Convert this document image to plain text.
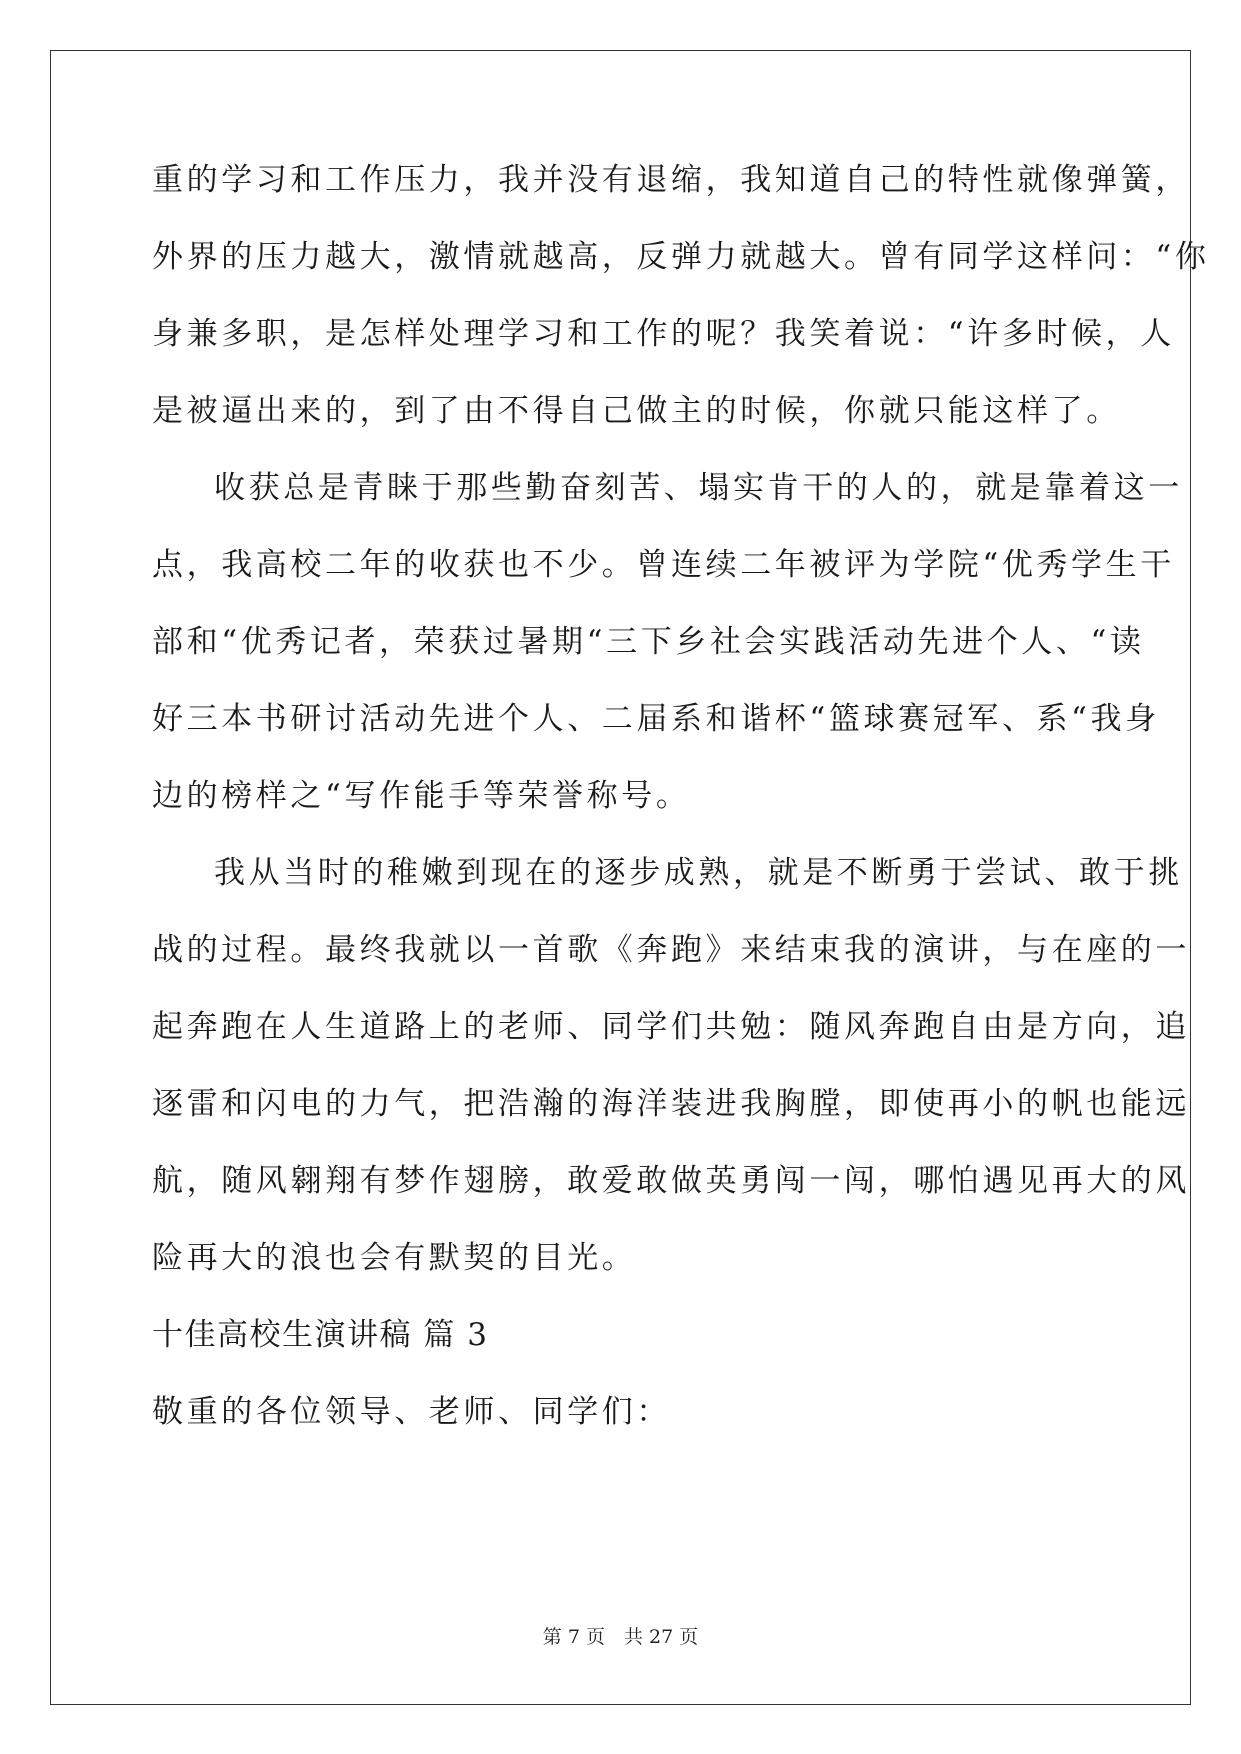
重的学习和工作压力，我并没有退缩，我知道自己的特性就像弹簧，
外界的压力越大，激情就越高，反弹力就越大。曾有同学这样问：“你
身兼多职，是怎样处理学习和工作的呢？我笑着说：“许多时候，人
是被逼出来的，到了由不得自己做主的时候，你就只能这样了。
收获总是青睐于那些勤奋刻苦、塌实肯干的人的，就是靠着这一
点，我高校二年的收获也不少。曾连续二年被评为学院“优秀学生干
部和“优秀记者，荣获过暑期“三下乡社会实践活动先进个人、“读
好三本书研讨活动先进个人、二届系和谐杯“篮球赛冠军、系“我身
边的榜样之“写作能手等荣誉称号。
我从当时的稚嫩到现在的逐步成熟，就是不断勇于尝试、敢于挑
战的过程。最终我就以一首歌《奔跑》来结束我的演讲，与在座的一
起奔跑在人生道路上的老师、同学们共勉：随风奔跑自由是方向，追
逐雷和闪电的力气，把浩瀚的海洋装进我胸膛，即使再小的帆也能远
航，随风翱翔有梦作翅膀，敢爱敢做英勇闯一闯，哪怕遇见再大的风
险再大的浪也会有默契的目光。
十佳高校生演讲稿 篇 3
敬重的各位领导、老师、同学们：
第 7 页　共 27 页
